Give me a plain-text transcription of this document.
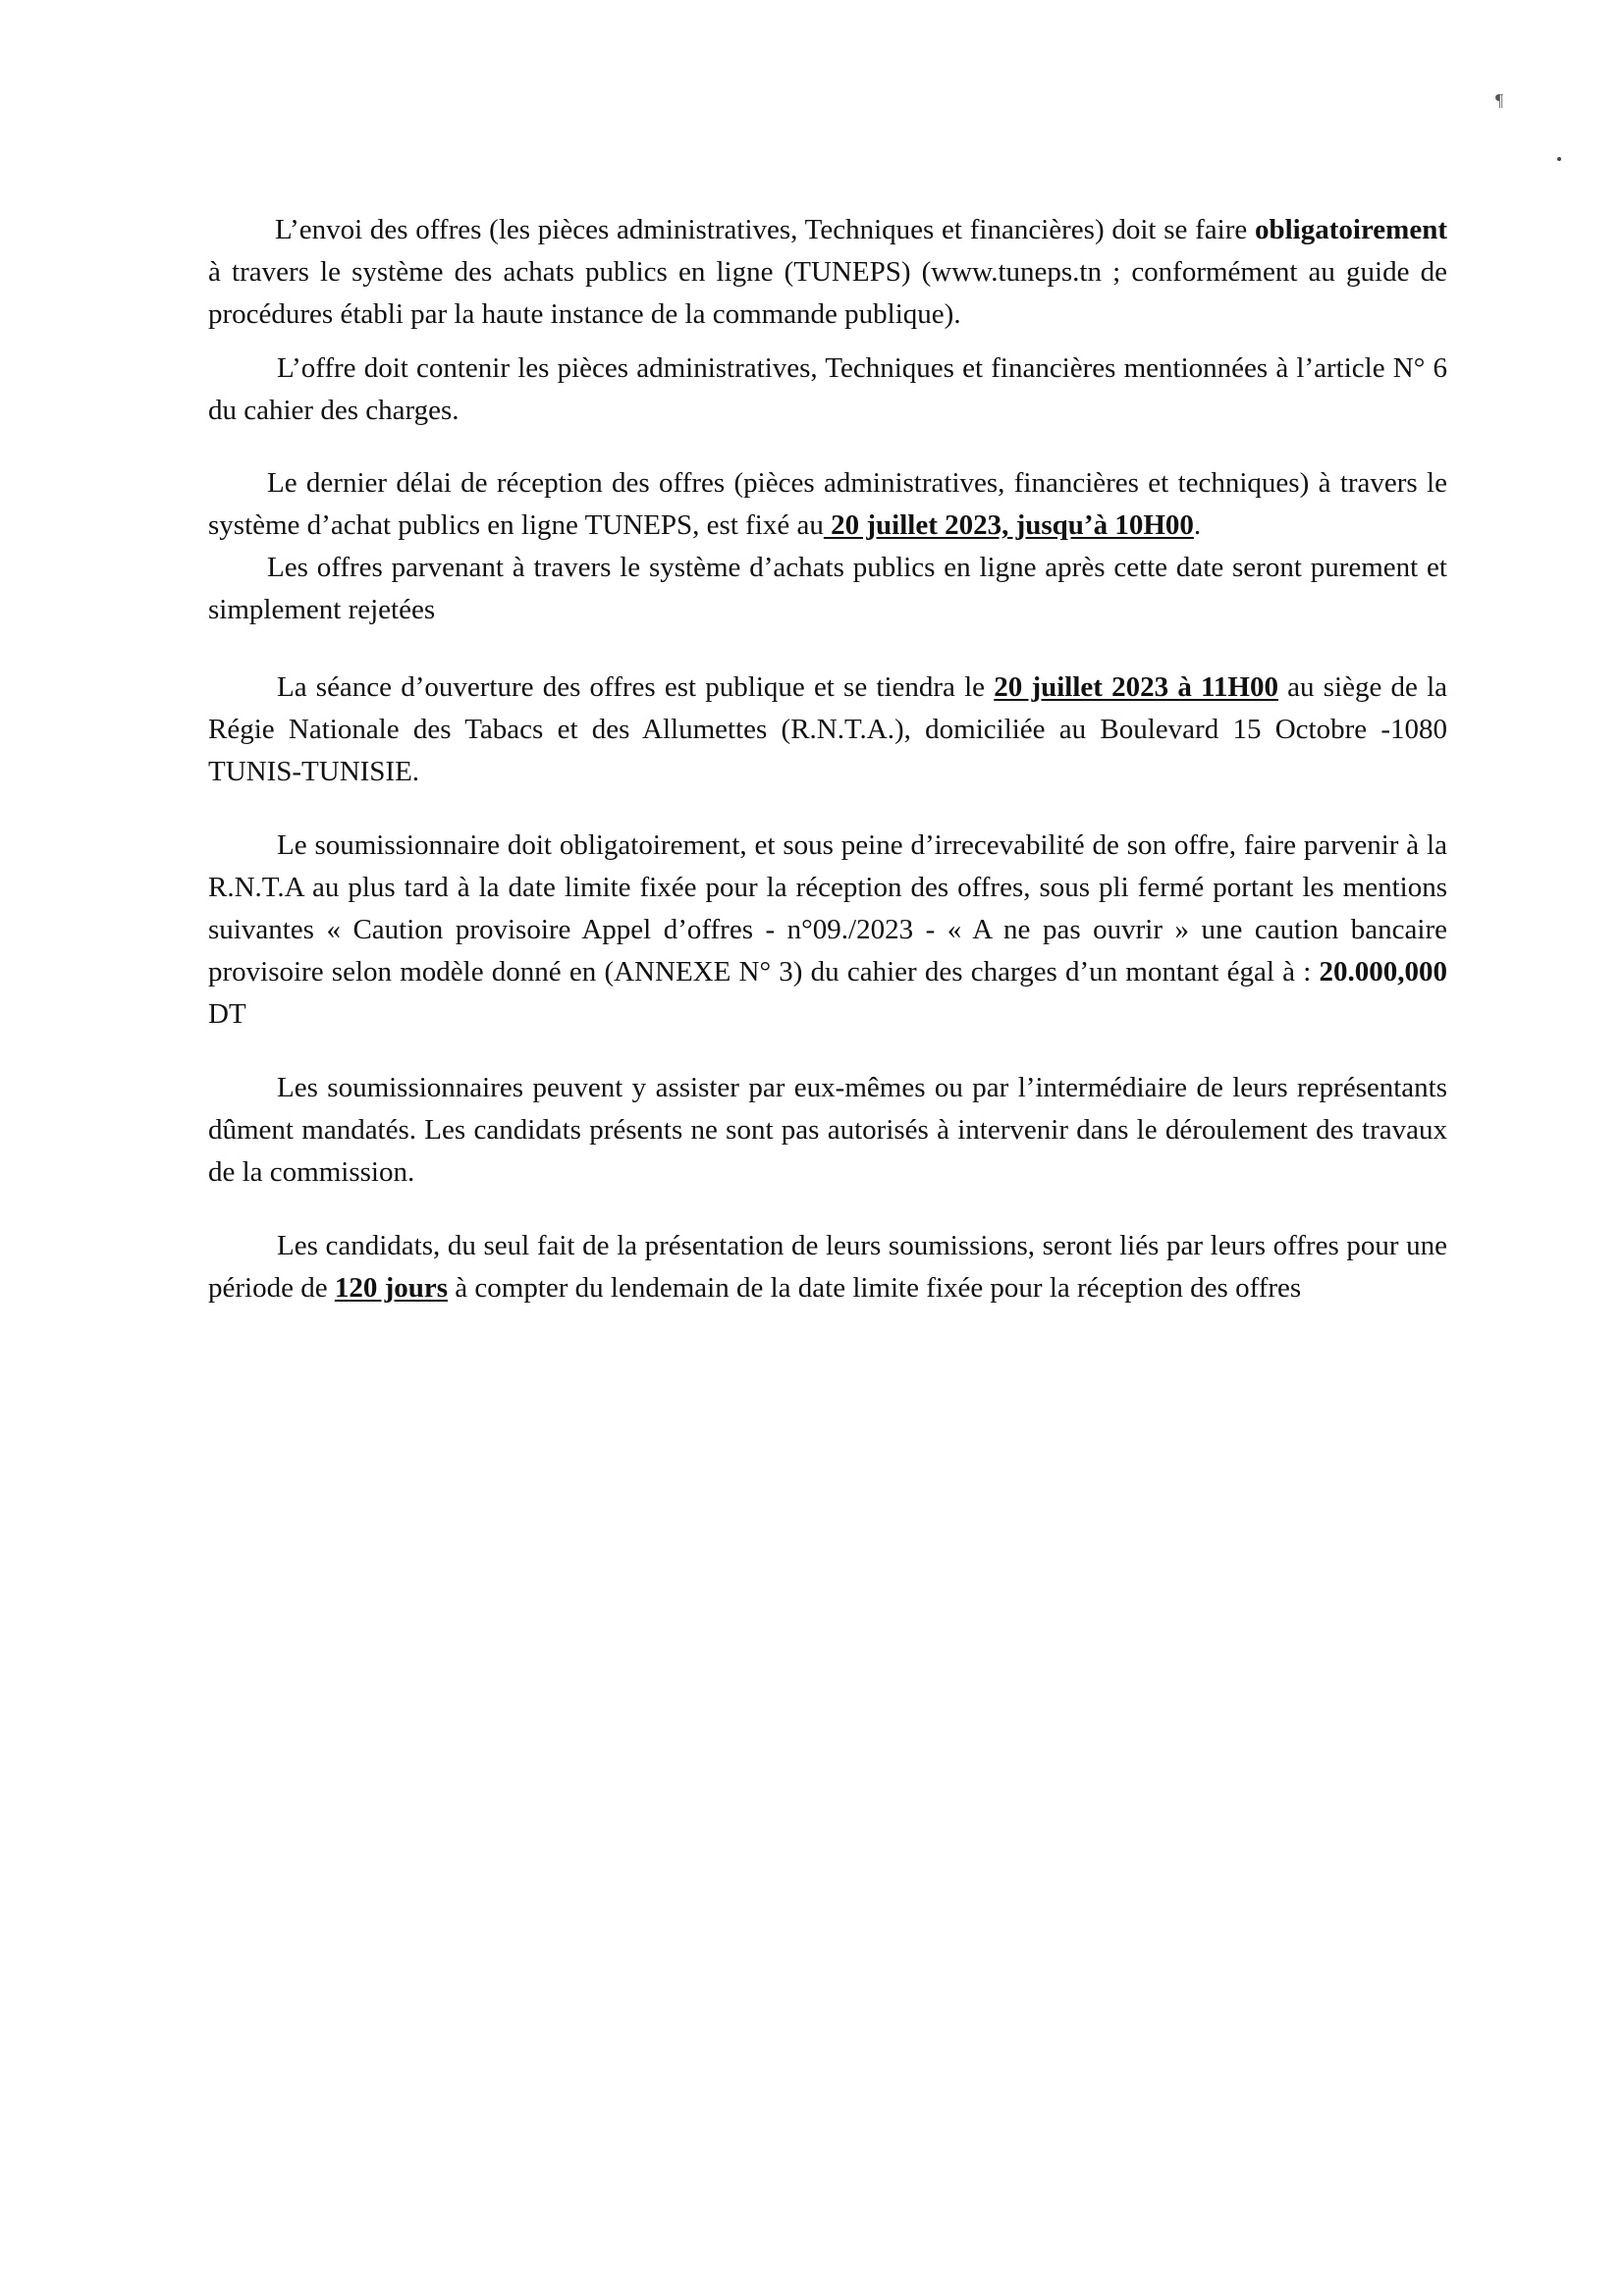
¶

L’envoi des offres (les pièces administratives, Techniques et financières) doit se faire obligatoirement à travers le système des achats publics en ligne (TUNEPS) (www.tuneps.tn ; conformément au guide de procédures établi par la haute instance de la commande publique).

L’offre doit contenir les pièces administratives, Techniques et financières mentionnées à l’article N° 6 du cahier des charges.

Le dernier délai de réception des offres (pièces administratives, financières et techniques) à travers le système d’achat publics en ligne TUNEPS, est fixé au 20 juillet 2023, jusqu’à 10H00.

Les offres parvenant à travers le système d’achats publics en ligne après cette date seront purement et simplement rejetées

La séance d’ouverture des offres est publique et se tiendra le 20 juillet 2023 à 11H00 au siège de la Régie Nationale des Tabacs et des Allumettes (R.N.T.A.), domiciliée au Boulevard 15 Octobre -1080 TUNIS-TUNISIE.

Le soumissionnaire doit obligatoirement, et sous peine d’irrecevabilité de son offre, faire parvenir à la R.N.T.A au plus tard à la date limite fixée pour la réception des offres, sous pli fermé portant les mentions suivantes « Caution provisoire Appel d’offres - n°09./2023 - « A ne pas ouvrir » une caution bancaire provisoire selon modèle donné en (ANNEXE N° 3) du cahier des charges d’un montant égal à : 20.000,000 DT

Les soumissionnaires peuvent y assister par eux-mêmes ou par l’intermédiaire de leurs représentants dûment mandatés. Les candidats présents ne sont pas autorisés à intervenir dans le déroulement des travaux de la commission.

Les candidats, du seul fait de la présentation de leurs soumissions, seront liés par leurs offres pour une période de 120 jours à compter du lendemain de la date limite fixée pour la réception des offres
